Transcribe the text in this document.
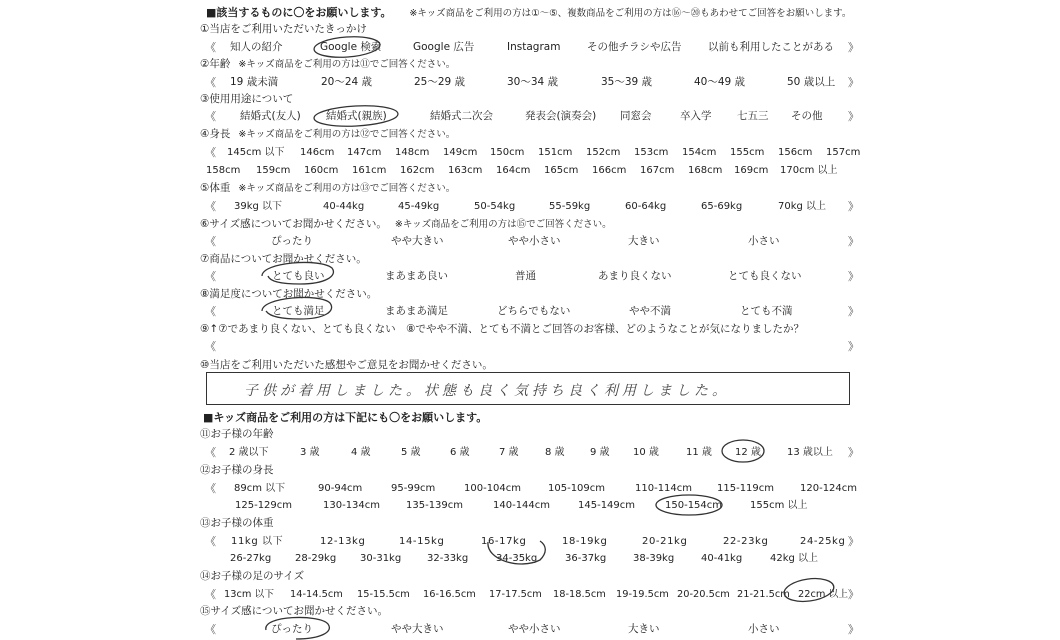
■該当するものに〇をお願いします。 ※キッズ商品をご利用の方は①〜⑤、複数商品をご利用の方は⑯〜⑳もあわせてご回答をお願いします。
①当店をご利用いただいたきっかけ
《 知人の紹介	Google 検索	Google 広告	Instagram	その他チラシや広告	以前も利用したことがある 》
②年齢 ※キッズ商品をご利用の方は⑪でご回答ください。
《 19 歳未満	20〜24 歳	25〜29 歳	30〜34 歳	35〜39 歳	40〜49 歳	50 歳以上 》
③使用用途について
《 結婚式(友人) 結婚式(親族)	結婚式二次会	発表会(演奏会) 同窓会	卒入学 七五三 その他 》
④身長 ※キッズ商品をご利用の方は⑫でご回答ください。
《 145cm 以下 146cm 147cm 148cm 149cm 150cm 151cm 152cm 153cm 154cm 155cm 156cm 157cm
158cm 159cm 160cm 161cm 162cm 163cm 164cm 165cm 166cm 167cm 168cm 169cm 170cm 以上
⑤体重 ※キッズ商品をご利用の方は⑬でご回答ください。
《 39kg 以下	40-44kg	45-49kg	50-54kg	55-59kg	60-64kg	65-69kg	70kg 以上 》
⑥サイズ感についてお聞かせください。 ※キッズ商品をご利用の方は⑮でご回答ください。
《	ぴったり	やや大きい	やや小さい	大きい	小さい	》
⑦商品についてお聞かせください。
《	とても良い	まあまあ良い	普通	あまり良くない	とても良くない	》
⑧満足度についてお聞かせください。
《	とても満足	まあまあ満足	どちらでもない	やや不満	とても不満	》
⑨↑⑦であまり良くない、とても良くない　⑧でやや不満、とても不満とご回答のお客様、どのようなことが気になりましたか？
《	》
⑩当店をご利用いただいた感想やご意見をお聞かせください。
子供が着用しました。状態も良く気持ち良く利用しました。
■キッズ商品をご利用の方は下記にも〇をお願いします。
⑪お子様の年齢
《 2 歳以下	3 歳	4 歳	5 歳	6 歳	7 歳	8 歳	9 歳 10 歳	11 歳 12 歳	13 歳以上 》
⑫お子様の身長
《 89cm 以下	90-94cm	95-99cm	100-104cm	105-109cm	110-114cm 115-119cm	120-124cm
125-129cm	130-134cm	135-139cm	140-144cm	145-149cm	150-154cm	155cm 以上
⑬お子様の体重
《 11kg 以下	12-13kg	14-15kg	16-17kg	18-19kg	20-21kg	22-23kg	24-25kg 》
26-27kg 28-29kg 30-31kg	32-33kg	34-35kg	36-37kg	38-39kg	40-41kg	42kg 以上
⑭お子様の足のサイズ
《 13cm 以下 14-14.5cm 15-15.5cm 16-16.5cm 17-17.5cm 18-18.5cm 19-19.5cm 20-20.5cm 21-21.5cm 22cm 以上 》
⑮サイズ感についてお聞かせください。
《	ぴったり	やや大きい	やや小さい	大きい	小さい	》
